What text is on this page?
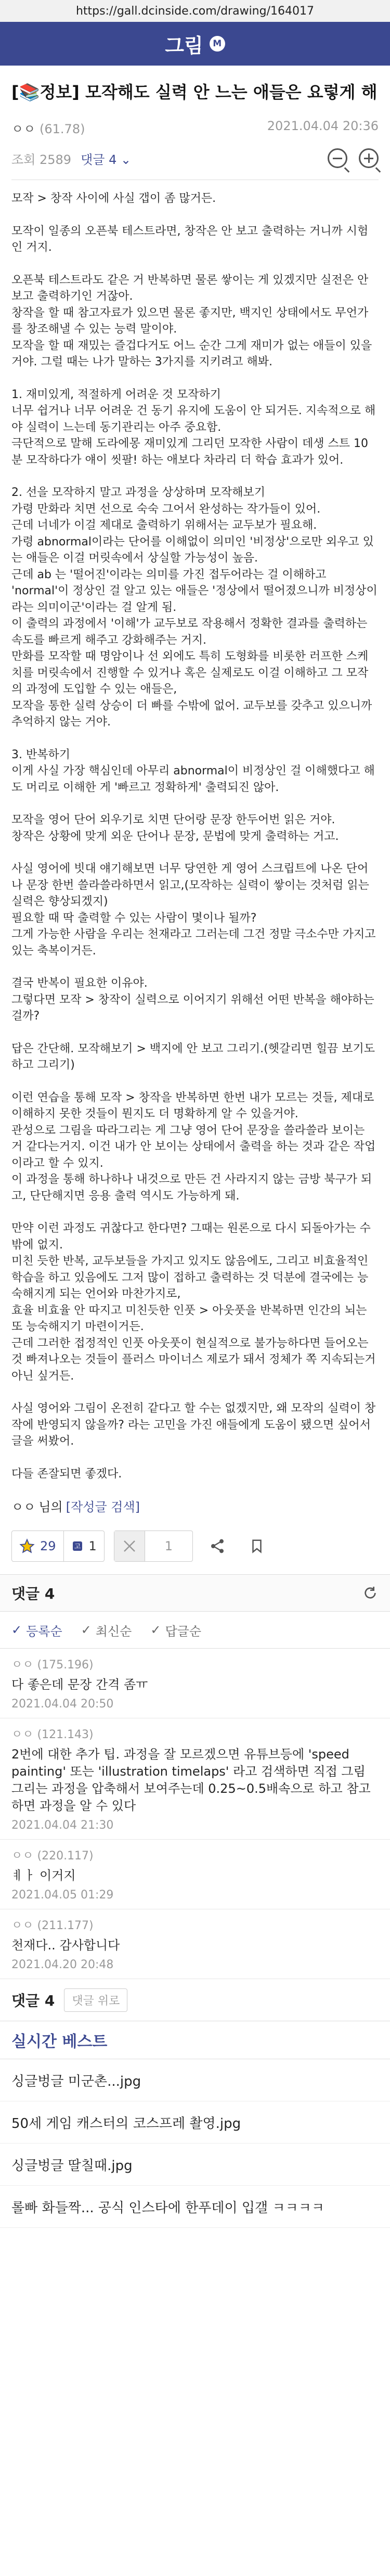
https://gall.dcinside.com/drawing/164017
그림	M
[📚정보] 모작해도 실력 안 느는 애들은 요렇게 해
ㅇㅇ (61.78)	2021.04.04 20:36
조회 2589 댓글 4 ⌄

모작 > 창작 사이에 사실 갭이 좀 많거든.

모작이 일종의 오픈북 테스트라면, 창작은 안 보고 출력하는 거니까 시험인 거지.

오픈북 테스트라도 같은 거 반복하면 물론 쌓이는 게 있겠지만 실전은 안 보고 출력하기인 거잖아.
창작을 할 때 참고자료가 있으면 물론 좋지만, 백지인 상태에서도 무언가를 창조해낼 수 있는 능력 말이야.
모작을 할 때 재밌는 즐겁다거도 어느 순간 그게 재미가 없는 애들이 있을 거야. 그럴 때는 나가 말하는 3가지를 지키려고 해봐.

1. 재미있게, 적절하게 어려운 것 모작하기
너무 쉽거나 너무 어려운 건 동기 유지에 도움이 안 되거든. 지속적으로 해야 실력이 느는데 동기관리는 아주 중요함.
극단적으로 말해 도라에몽 재미있게 그리던 모작한 사람이 데생 스트 10분 모작하다가 얘이 씻팔! 하는 애보다 차라리 더 학습 효과가 있어.

2. 선을 모작하지 말고 과정을 상상하며 모작해보기
가령 만화라 치면 선으로 숙숙 그어서 완성하는 작가들이 있어.
근데 너네가 이걸 제대로 출력하기 위해서는 교두보가 필요해.
가령 abnormal이라는 단어를 이해없이 의미인 '비정상'으로만 외우고 있는 애들은 이걸 머릿속에서 상실할 가능성이 높음.
근데 ab 는 '떨어진'이라는 의미를 가진 접두어라는 걸 이해하고 'normal'이 정상인 걸 알고 있는 애들은 '정상에서 떨어졌으니까 비정상이라는 의미이군'이라는 걸 알게 됨.
이 출력의 과정에서 '이해'가 교두보로 작용해서 정확한 결과를 출력하는 속도를 빠르게 해주고 강화해주는 거지.
만화를 모작할 때 명암이나 선 외에도 특히 도형화를 비롯한 러프한 스케치를 머릿속에서 진행할 수 있거나 혹은 실제로도 이걸 이해하고 그 모작의 과정에 도입할 수 있는 애들은,
모작을 통한 실력 상승이 더 빠를 수밖에 없어. 교두보를 갖추고 있으니까 추억하지 않는 거야.

3. 반복하기
이게 사실 가장 핵심인데 아무리 abnormal이 비정상인 걸 이해했다고 해도 머리로 이해한 게 '빠르고 정확하게' 출력되진 않아.

모작을 영어 단어 외우기로 치면 단어랑 문장 한두어번 읽은 거야.
창작은 상황에 맞게 외운 단어나 문장, 문법에 맞게 출력하는 거고.

사실 영어에 빗대 얘기해보면 너무 당연한 게 영어 스크립트에 나온 단어나 문장 한번 쓸라쓸라하면서 읽고,(모작하는 실력이 쌓이는 것처럼 읽는 실력은 향상되겠지)
필요할 때 딱 출력할 수 있는 사람이 몇이나 될까?
그게 가능한 사람을 우리는 천재라고 그러는데 그건 정말 극소수만 가지고 있는 축복이거든.

결국 반복이 필요한 이유야.
그렇다면 모작 > 창작이 실력으로 이어지기 위해선 어떤 반복을 해야하는 걸까?

답은 간단해. 모작해보기 > 백지에 안 보고 그리기.(헷갈리면 힐끔 보기도 하고 그리기)

이런 연습을 통해 모작 > 창작을 반복하면 한번 내가 모르는 것들, 제대로 이해하지 못한 것들이 뭔지도 더 명확하게 알 수 있을거야.
관성으로 그림을 따라그리는 게 그냥 영어 단어 문장을 쓸라쓸라 보이는 거 같다는거지. 이건 내가 안 보이는 상태에서 출력을 하는 것과 같은 작업이라고 할 수 있지.
이 과정을 통해 하나하나 내것으로 만든 건 사라지지 않는 금방 북구가 되고, 단단해지면 응용 출력 역시도 가능하게 돼.

만약 이런 과정도 귀찮다고 한다면? 그때는 원론으로 다시 되돌아가는 수밖에 없지.
미친 듯한 반복, 교두보들을 가지고 있지도 않음에도, 그리고 비효율적인 학습을 하고 있음에도 그저 많이 접하고 출력하는 것 덕분에 결국에는 능숙해지게 되는 언어와 마찬가지로,
효율 비효율 안 따지고 미친듯한 인풋 > 아웃풋을 반복하면 인간의 뇌는 또 능숙해지기 마련이거든.
근데 그러한 접정적인 인풋 아웃풋이 현실적으로 불가능하다면 들어오는 것 빠져나오는 것들이 플러스 마이너스 제로가 돼서 정체가 쪽 지속되는거 아닌 싶거든.

사실 영어와 그림이 온전히 같다고 할 수는 없겠지만, 왜 모작의 실력이 창작에 반영되지 않을까? 라는 고민을 가진 애들에게 도움이 됐으면 싶어서 글을 써봤어.

다들 존잘되면 좋겠다.

ㅇㅇ 님의 [작성글 검색]
29	고 1	1
댓글 4
✓ 등록순 ✓ 최신순 ✓ 답글순
ㅇㅇ (175.196)
다 좋은데 문장 간격 좀ㅠ
2021.04.04 20:50
ㅇㅇ (121.143)
2번에 대한 추가 팁. 과정을 잘 모르겠으면 유튜브등에 'speed painting' 또는 'illustration timelaps' 라고 검색하면 직접 그림 그리는 과정을 압축해서 보여주는데 0.25~0.5배속으로 하고 참고하면 과정을 알 수 있다
2021.04.04 21:30
ㅇㅇ (220.117)
ㅖㅏ 이거지
2021.04.05 01:29
ㅇㅇ (211.177)
천재다.. 감사합니다
2021.04.20 20:48
댓글 4	댓글 위로
실시간 베스트
싱글벙글 미군촌...jpg
50세 게임 캐스터의 코스프레 촬영.jpg
싱글벙글 딸칠때.jpg
롤빠 화들짝... 공식 인스타에 한푸데이 입갤 ㅋㅋㅋㅋ
